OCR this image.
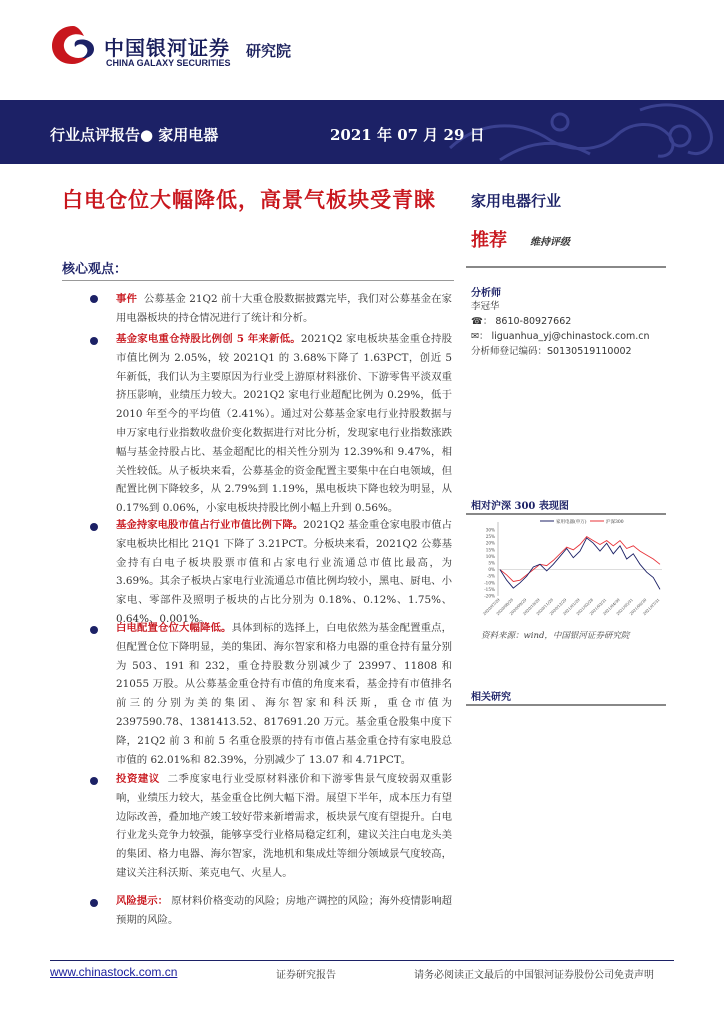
中国银河证券
CHINA GALAXY SECURITIES
研究院
行业点评报告● 家用电器	2021 年 07 月 29 日
白电仓位大幅降低，高景气板块受青睐 家用电器行业
推荐 维持评级
分析师
李冠华
☎： 8610-80927662
✉： liguanhua_yj@chinastock.com.cn
分析师登记编码：S0130519110002
相对沪深 300 表现图
30%
25%
20%
15%
10%
5%
0%
-5%
-10%
-15%
-20%
2020/07/29
2020/08/29
2020/09/29
2020/10/29
2020/11/29
2020/12/29
2021/01/29
2021/02/28
2021/03/31
2021/04/30
2021/05/31
2021/06/30
2021/07/31
家用电器(申万)	沪深300
资料来源：wind，中国银河证券研究院
相关研究
核心观点：
事件 公募基金 21Q2 前十大重仓股数据披露完毕，我们对公募基金在家用电器板块的持仓情况进行了统计和分析。
基金家电重仓持股比例创 5 年来新低。2021Q2 家电板块基金重仓持股市值比例为 2.05%，较 2021Q1 的 3.68%下降了 1.63PCT，创近 5 年新低，我们认为主要原因为行业受上游原材料涨价、下游零售平淡双重挤压影响，业绩压力较大。2021Q2 家电行业超配比例为 0.29%，低于 2010 年至今的平均值（2.41%）。通过对公募基金家电行业持股数据与申万家电行业指数收盘价变化数据进行对比分析，发现家电行业指数涨跌幅与基金持股占比、基金超配比的相关性分别为 12.39%和 9.47%，相关性较低。从子板块来看，公募基金的资金配置主要集中在白电领域，但配置比例下降较多，从 2.79%到 1.19%，黑电板块下降也较为明显，从 0.17%到 0.06%，小家电板块持股比例小幅上升到 0.56%。
基金持家电股市值占行业市值比例下降。2021Q2 基金重仓家电股市值占家电板块比相比 21Q1 下降了 3.21PCT。分板块来看，2021Q2 公募基金持有白电子板块股票市值和占家电行业流通总市值比最高，为 3.69%。其余子板块占家电行业流通总市值比例均较小，黑电、厨电、小家电、零部件及照明子板块的占比分别为 0.18%、0.12%、1.75%、0.64%、0.001%。
白电配置仓位大幅降低。具体到标的选择上，白电依然为基金配置重点，但配置仓位下降明显，美的集团、海尔智家和格力电器的重仓持有量分别为 503、191 和 232，重仓持股数分别减少了 23997、11808 和 21055 万股。从公募基金重仓持有市值的角度来看，基金持有市值排名前三的分别为美的集团、海尔智家和科沃斯，重仓市值为 2397590.78、1381413.52、817691.20 万元。基金重仓股集中度下降，21Q2 前 3 和前 5 名重仓股票的持有市值占基金重仓持有家电股总市值的 62.01%和 82.39%，分别减少了 13.07 和 4.71PCT。
投资建议 二季度家电行业受原材料涨价和下游零售景气度较弱双重影响，业绩压力较大，基金重仓比例大幅下滑。展望下半年，成本压力有望边际改善，叠加地产竣工较好带来新增需求，板块景气度有望提升。白电行业龙头竞争力较强，能够享受行业格局稳定红利，建议关注白电龙头美的集团、格力电器、海尔智家，洗地机和集成灶等细分领域景气度较高，建议关注科沃斯、莱克电气、火星人。
风险提示： 原材料价格变动的风险；房地产调控的风险；海外疫情影响超预期的风险。
www.chinastock.com.cn	证券研究报告	请务必阅读正文最后的中国银河证券股份公司免责声明
